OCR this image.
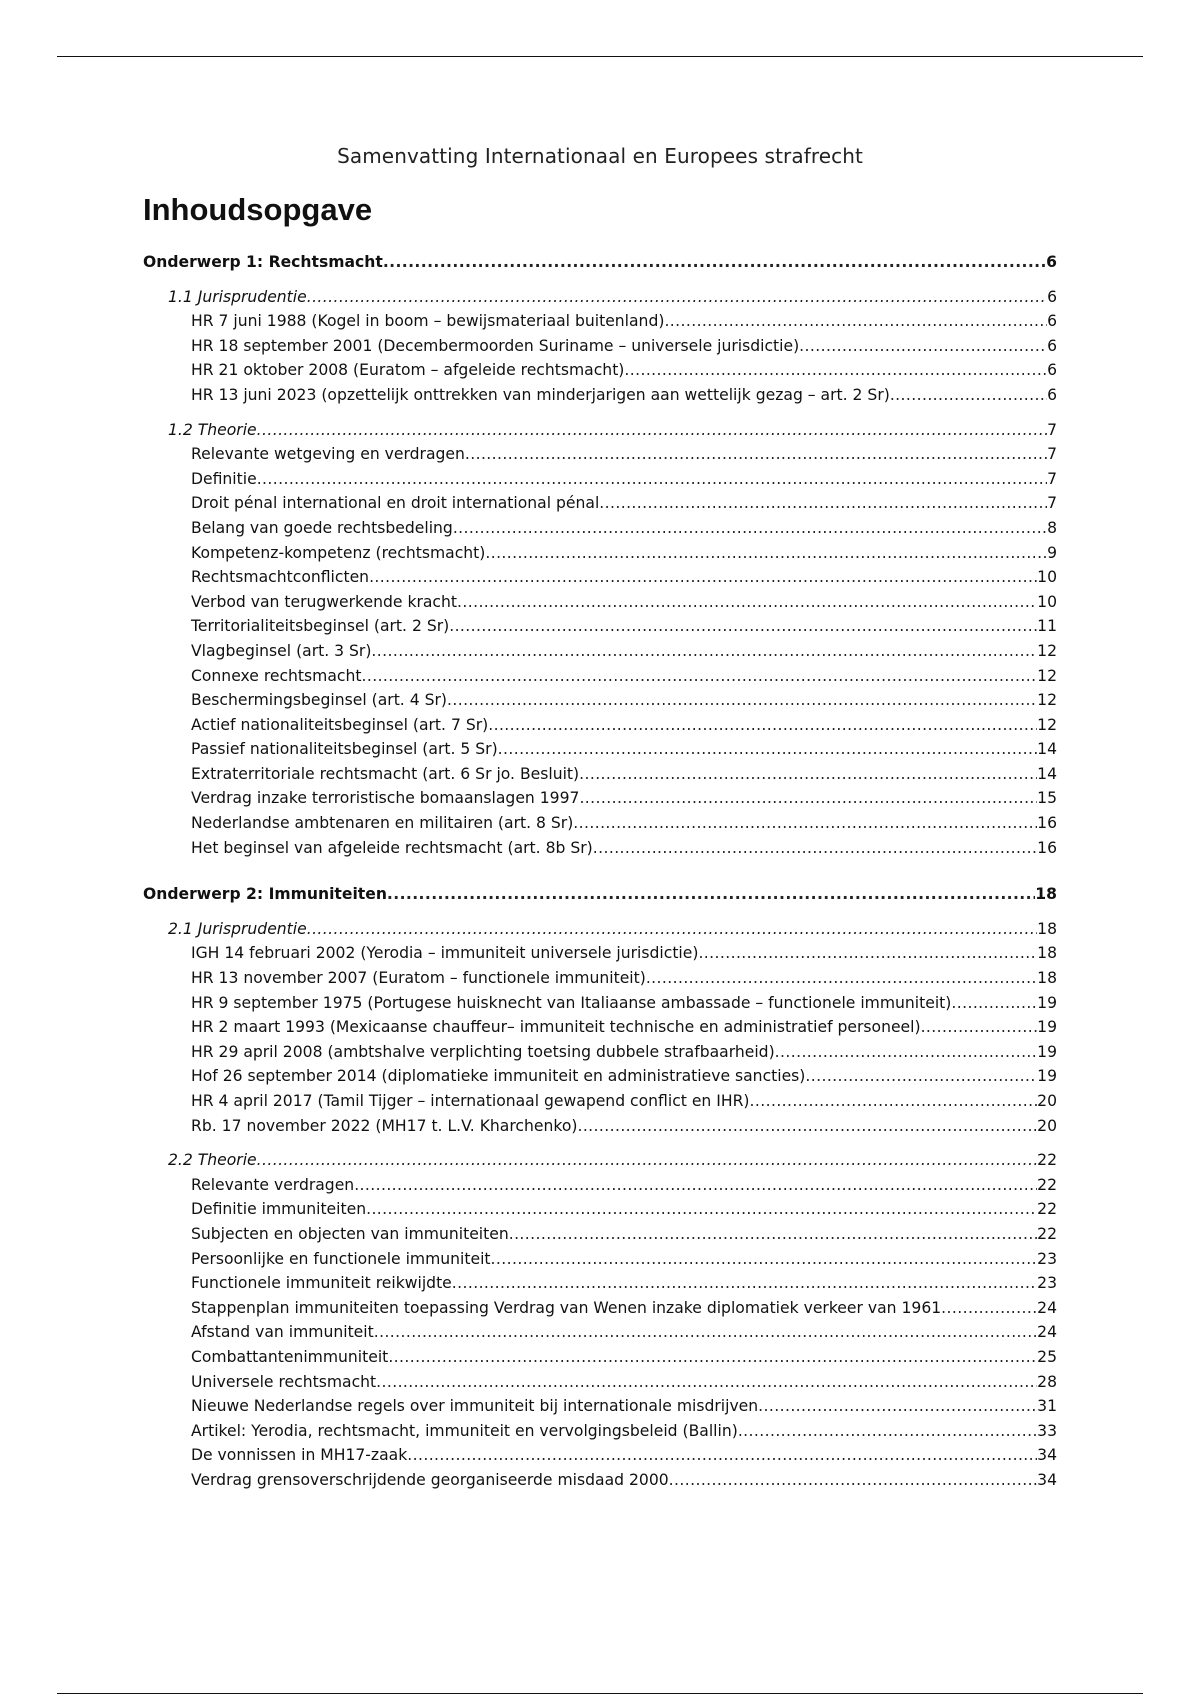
Samenvatting Internationaal en Europees strafrecht
Inhoudsopgave
Onderwerp 1: Rechtsmacht .....	6
1.1 Jurisprudentie .....	6
HR 7 juni 1988 (Kogel in boom – bewijsmateriaal buitenland) .....	6
HR 18 september 2001 (Decembermoorden Suriname – universele jurisdictie) .....	6
HR 21 oktober 2008 (Euratom – afgeleide rechtsmacht) .....	6
HR 13 juni 2023 (opzettelijk onttrekken van minderjarigen aan wettelijk gezag – art. 2 Sr) .....	6
1.2 Theorie .....	7
Relevante wetgeving en verdragen .....	7
Definitie .....	7
Droit pénal international en droit international pénal .....	7
Belang van goede rechtsbedeling .....	8
Kompetenz-kompetenz (rechtsmacht) .....	9
Rechtsmachtconflicten .....	10
Verbod van terugwerkende kracht .....	10
Territorialiteitsbeginsel (art. 2 Sr) .....	11
Vlagbeginsel (art. 3 Sr) .....	12
Connexe rechtsmacht .....	12
Beschermingsbeginsel (art. 4 Sr) .....	12
Actief nationaliteitsbeginsel (art. 7 Sr) .....	12
Passief nationaliteitsbeginsel (art. 5 Sr) .....	14
Extraterritoriale rechtsmacht (art. 6 Sr jo. Besluit) .....	14
Verdrag inzake terroristische bomaanslagen 1997 .....	15
Nederlandse ambtenaren en militairen (art. 8 Sr) .....	16
Het beginsel van afgeleide rechtsmacht (art. 8b Sr) .....	16
Onderwerp 2: Immuniteiten .....	18
2.1 Jurisprudentie .....	18
IGH 14 februari 2002 (Yerodia – immuniteit universele jurisdictie) .....	18
HR 13 november 2007 (Euratom – functionele immuniteit) .....	18
HR 9 september 1975 (Portugese huisknecht van Italiaanse ambassade – functionele immuniteit) .....	19
HR 2 maart 1993 (Mexicaanse chauffeur– immuniteit technische en administratief personeel) .....	19
HR 29 april 2008 (ambtshalve verplichting toetsing dubbele strafbaarheid) .....	19
Hof 26 september 2014 (diplomatieke immuniteit en administratieve sancties) .....	19
HR 4 april 2017 (Tamil Tijger – internationaal gewapend conflict en IHR) .....	20
Rb. 17 november 2022 (MH17 t. L.V. Kharchenko) .....	20
2.2 Theorie .....	22
Relevante verdragen .....	22
Definitie immuniteiten .....	22
Subjecten en objecten van immuniteiten .....	22
Persoonlijke en functionele immuniteit .....	23
Functionele immuniteit reikwijdte .....	23
Stappenplan immuniteiten toepassing Verdrag van Wenen inzake diplomatiek verkeer van 1961 .....	24
Afstand van immuniteit .....	24
Combattantenimmuniteit .....	25
Universele rechtsmacht .....	28
Nieuwe Nederlandse regels over immuniteit bij internationale misdrijven .....	31
Artikel: Yerodia, rechtsmacht, immuniteit en vervolgingsbeleid (Ballin) .....	33
De vonnissen in MH17-zaak .....	34
Verdrag grensoverschrijdende georganiseerde misdaad 2000 .....	34
